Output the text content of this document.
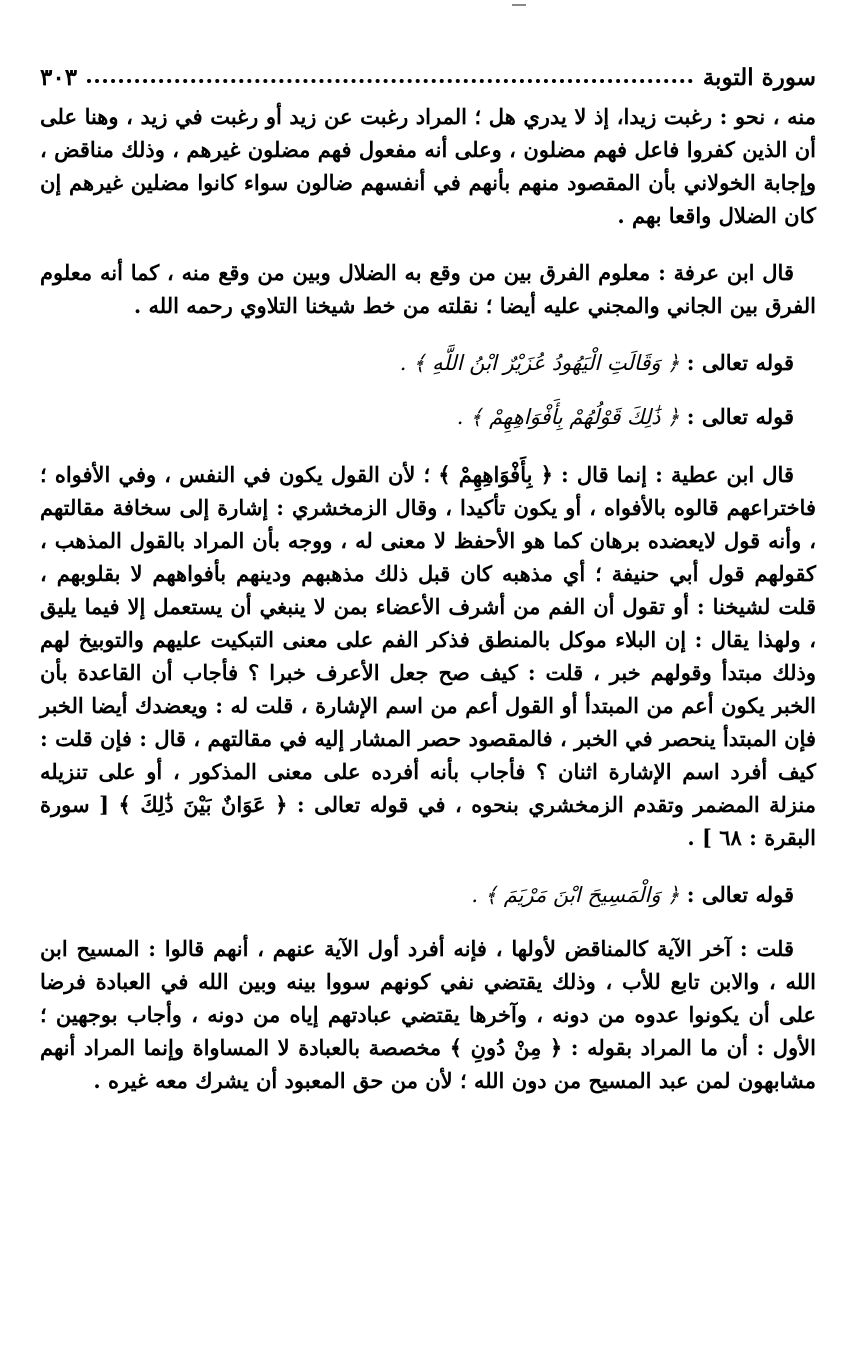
سورة التوبة
٣٠٣

منه ، نحو : رغبت زيدا، إذ لا يدري هل ؛ المراد رغبت عن زيد أو رغبت في زيد ، وهنا على أن الذين كفروا فاعل فهم مضلون ، وعلى أنه مفعول فهم مضلون غيرهم ، وذلك مناقض ، وإجابة الخولاني بأن المقصود منهم بأنهم في أنفسهم ضالون سواء كانوا مضلين غيرهم إن كان الضلال واقعا بهم .

قال ابن عرفة : معلوم الفرق بين من وقع به الضلال وبين من وقع منه ، كما أنه معلوم الفرق بين الجاني والمجني عليه أيضا ؛ نقلته من خط شيخنا التلاوي رحمه الله .

قوله تعالى : ﴿ وَقَالَتِ الْيَهُودُ عُزَيْرٌ ابْنُ اللَّهِ ﴾ .

قوله تعالى : ﴿ ذَٰلِكَ قَوْلُهُمْ بِأَفْوَاهِهِمْ ﴾ .

قال ابن عطية : إنما قال : ﴿ بِأَفْوَاهِهِمْ ﴾ ؛ لأن القول يكون في النفس ، وفي الأفواه ؛ فاختراعهم قالوه بالأفواه ، أو يكون تأكيدا ، وقال الزمخشري : إشارة إلى سخافة مقالتهم ، وأنه قول لايعضده برهان كما هو الأحفظ لا معنى له ، ووجه بأن المراد بالقول المذهب ، كقولهم قول أبي حنيفة ؛ أي مذهبه كان قبل ذلك مذهبهم ودينهم بأفواههم لا بقلوبهم ، قلت لشيخنا : أو تقول أن الفم من أشرف الأعضاء بمن لا ينبغي أن يستعمل إلا فيما يليق ، ولهذا يقال : إن البلاء موكل بالمنطق فذكر الفم على معنى التبكيت عليهم والتوبيخ لهم وذلك مبتدأ وقولهم خبر ، قلت : كيف صح جعل الأعرف خبرا ؟ فأجاب أن القاعدة بأن الخبر يكون أعم من المبتدأ أو القول أعم من اسم الإشارة ، قلت له : ويعضدك أيضا الخبر فإن المبتدأ ينحصر في الخبر ، فالمقصود حصر المشار إليه في مقالتهم ، قال : فإن قلت : كيف أفرد اسم الإشارة اثنان ؟ فأجاب بأنه أفرده على معنى المذكور ، أو على تنزيله منزلة المضمر وتقدم الزمخشري بنحوه ، في قوله تعالى : ﴿ عَوَانٌ بَيْنَ ذَٰلِكَ ﴾ [ سورة البقرة : ٦٨ ] .

قوله تعالى : ﴿ وَالْمَسِيحَ ابْنَ مَرْيَمَ ﴾ .

قلت : آخر الآية كالمناقض لأولها ، فإنه أفرد أول الآية عنهم ، أنهم قالوا : المسيح ابن الله ، والابن تابع للأب ، وذلك يقتضي نفي كونهم سووا بينه وبين الله في العبادة فرضا على أن يكونوا عدوه من دونه ، وآخرها يقتضي عبادتهم إياه من دونه ، وأجاب بوجهين ؛ الأول : أن ما المراد بقوله : ﴿ مِنْ دُونِ ﴾ مخصصة بالعبادة لا المساواة وإنما المراد أنهم مشابهون لمن عبد المسيح من دون الله ؛ لأن من حق المعبود أن يشرك معه غيره .
